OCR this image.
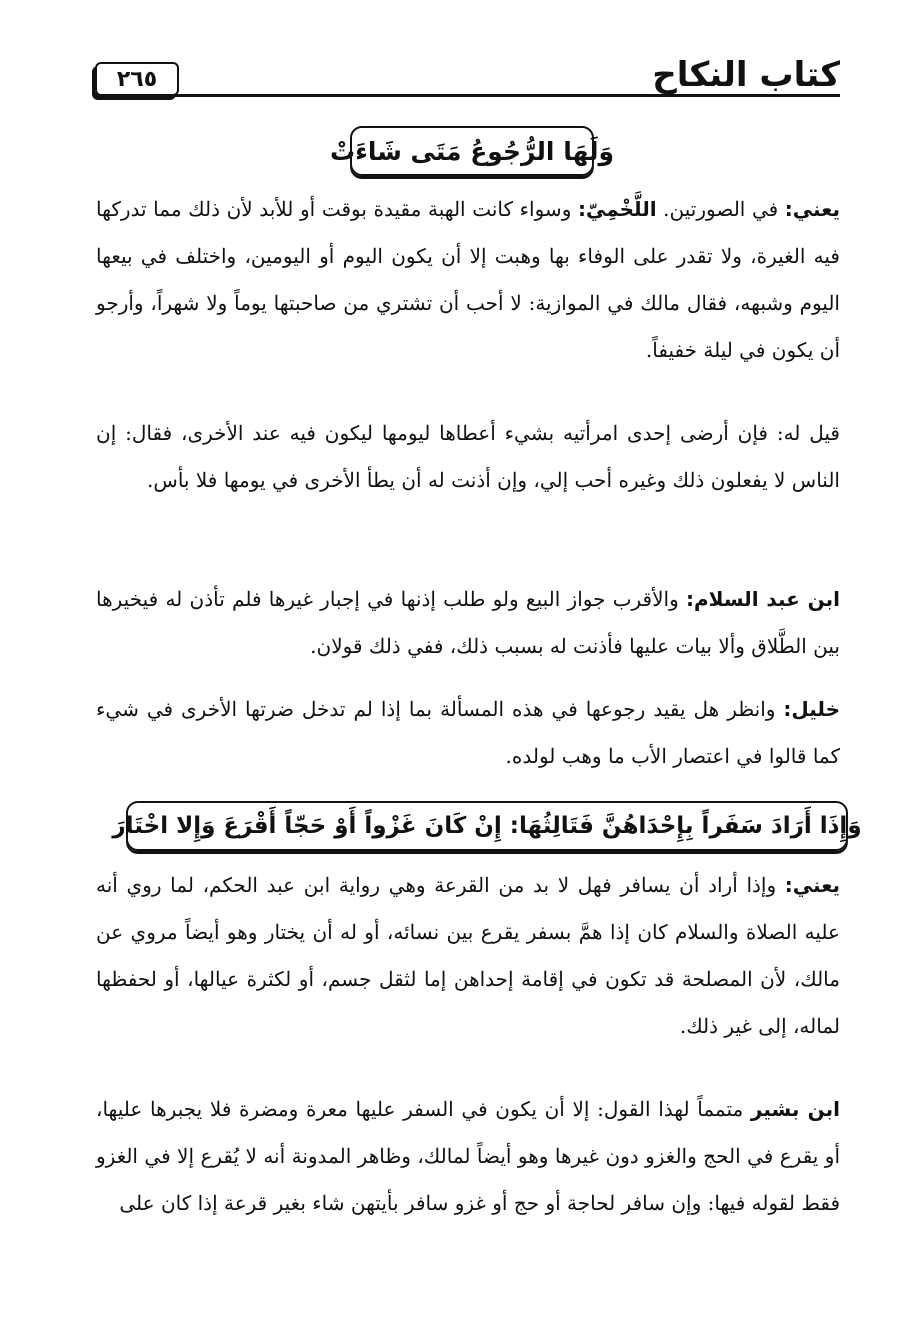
كتاب النكاح
٢٦٥
وَلَهَا الرُّجُوعُ مَتَى شَاءَتْ
يعني: في الصورتين. اللَّخْمِيّ: وسواء كانت الهبة مقيدة بوقت أو للأبد لأن ذلك مما تدركها فيه الغيرة، ولا تقدر على الوفاء بها وهبت إلا أن يكون اليوم أو اليومين، واختلف في بيعها اليوم وشبهه، فقال مالك في الموازية: لا أحب أن تشتري من صاحبتها يوماً ولا شهراً، وأرجو أن يكون في ليلة خفيفاً.
قيل له: فإن أرضى إحدى امرأتيه بشيء أعطاها ليومها ليكون فيه عند الأخرى، فقال: إن الناس لا يفعلون ذلك وغيره أحب إلي، وإن أذنت له أن يطأ الأخرى في يومها فلا بأس.
ابن عبد السلام: والأقرب جواز البيع ولو طلب إذنها في إجبار غيرها فلم تأذن له فيخيرها بين الطَّلاق وألا بيات عليها فأذنت له بسبب ذلك، ففي ذلك قولان.
خليل: وانظر هل يقيد رجوعها في هذه المسألة بما إذا لم تدخل ضرتها الأخرى في شيء كما قالوا في اعتصار الأب ما وهب لولده.
وَإِذَا أَرَادَ سَفَراً بِإِحْدَاهُنَّ فَتَالِثُهَا: إِنْ كَانَ غَزْواً أَوْ حَجّاً أَقْرَعَ وَإِلا اخْتَارَ
يعني: وإذا أراد أن يسافر فهل لا بد من القرعة وهي رواية ابن عبد الحكم، لما روي أنه عليه الصلاة والسلام كان إذا همَّ بسفر يقرع بين نسائه، أو له أن يختار وهو أيضاً مروي عن مالك، لأن المصلحة قد تكون في إقامة إحداهن إما لثقل جسم، أو لكثرة عيالها، أو لحفظها لماله، إلى غير ذلك.
ابن بشير متمماً لهذا القول: إلا أن يكون في السفر عليها معرة ومضرة فلا يجبرها عليها، أو يقرع في الحج والغزو دون غيرها وهو أيضاً لمالك، وظاهر المدونة أنه لا يُقرع إلا في الغزو فقط لقوله فيها: وإن سافر لحاجة أو حج أو غزو سافر بأيتهن شاء بغير قرعة إذا كان على
